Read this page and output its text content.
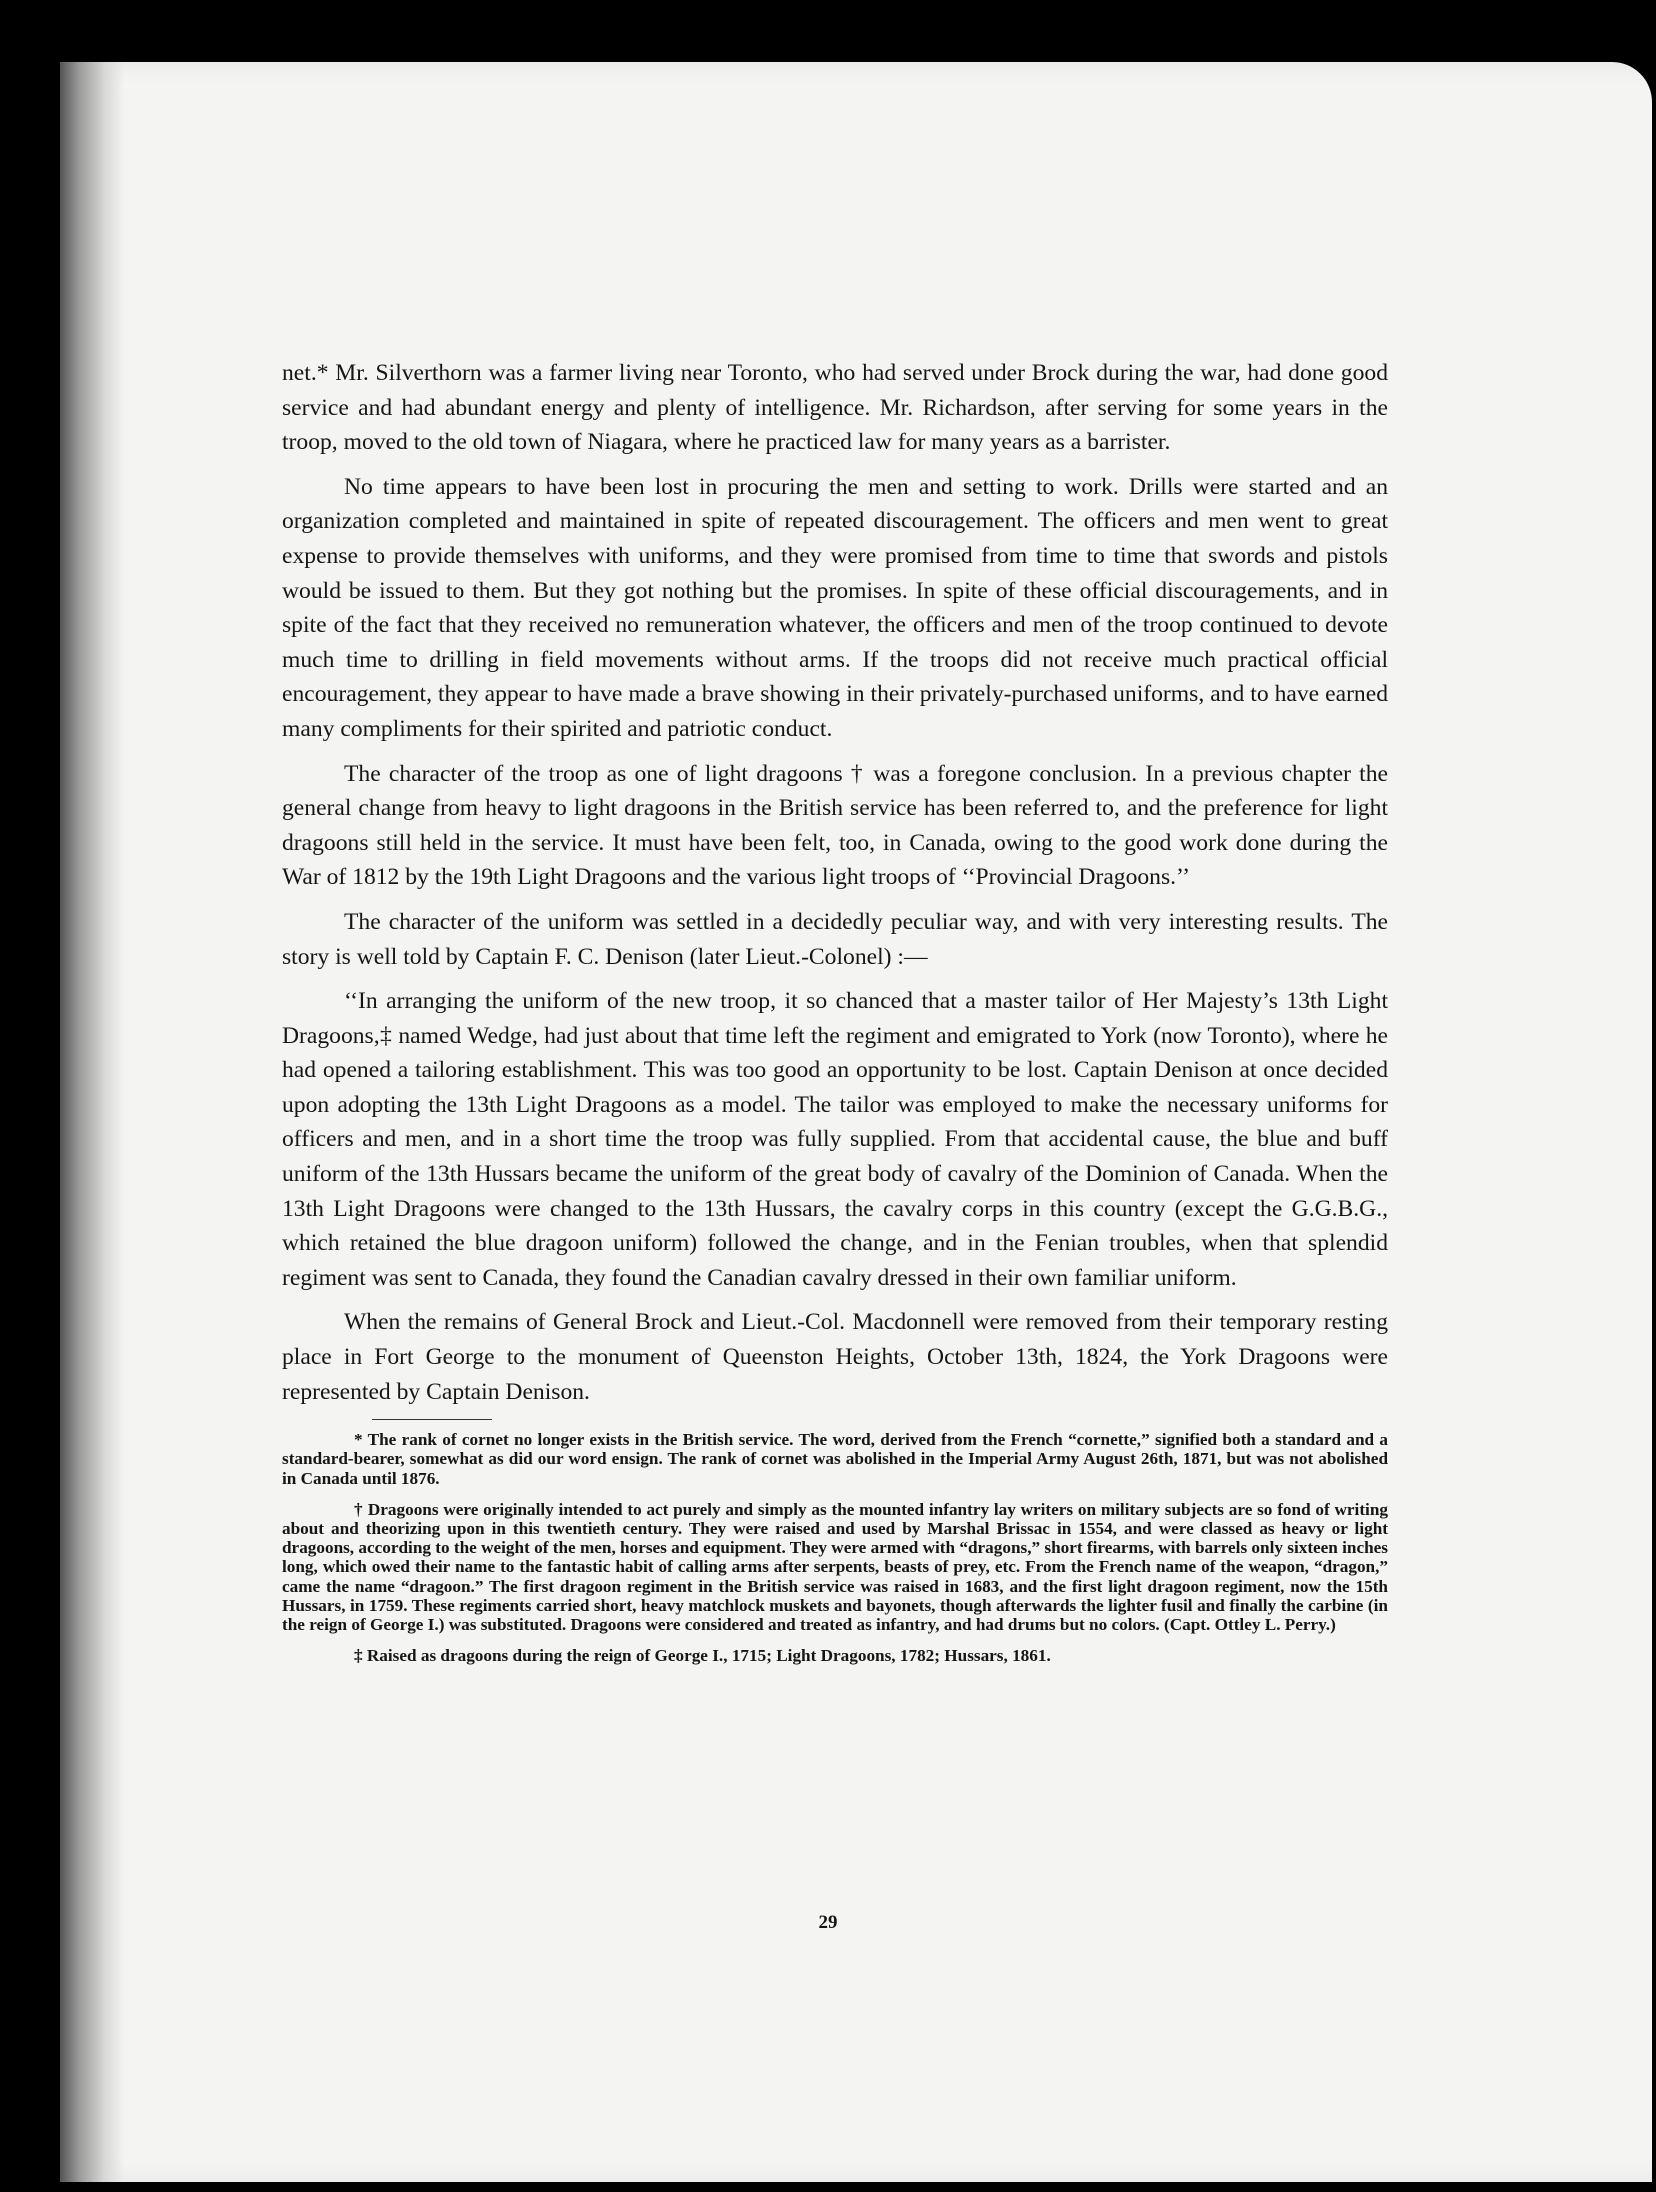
net.* Mr. Silverthorn was a farmer living near Toronto, who had served under Brock during the war, had done good service and had abundant energy and plenty of intelligence. Mr. Richardson, after serving for some years in the troop, moved to the old town of Niagara, where he practiced law for many years as a barrister.

No time appears to have been lost in procuring the men and setting to work. Drills were started and an organization completed and maintained in spite of repeated discouragement. The officers and men went to great expense to provide themselves with uniforms, and they were promised from time to time that swords and pistols would be issued to them. But they got nothing but the promises. In spite of these official discouragements, and in spite of the fact that they received no remuneration whatever, the officers and men of the troop continued to devote much time to drilling in field movements without arms. If the troops did not receive much practical official encouragement, they appear to have made a brave showing in their privately-purchased uniforms, and to have earned many compliments for their spirited and patriotic conduct.

The character of the troop as one of light dragoons † was a foregone conclusion. In a previous chapter the general change from heavy to light dragoons in the British service has been referred to, and the preference for light dragoons still held in the service. It must have been felt, too, in Canada, owing to the good work done during the War of 1812 by the 19th Light Dragoons and the various light troops of ‘‘Provincial Dragoons.’’

The character of the uniform was settled in a decidedly peculiar way, and with very interesting results. The story is well told by Captain F. C. Denison (later Lieut.-Colonel) :—

‘‘In arranging the uniform of the new troop, it so chanced that a master tailor of Her Majesty’s 13th Light Dragoons,‡ named Wedge, had just about that time left the regiment and emigrated to York (now Toronto), where he had opened a tailoring establishment. This was too good an opportunity to be lost. Captain Denison at once decided upon adopting the 13th Light Dragoons as a model. The tailor was employed to make the necessary uniforms for officers and men, and in a short time the troop was fully supplied. From that accidental cause, the blue and buff uniform of the 13th Hussars became the uniform of the great body of cavalry of the Dominion of Canada. When the 13th Light Dragoons were changed to the 13th Hussars, the cavalry corps in this country (except the G.G.B.G., which retained the blue dragoon uniform) followed the change, and in the Fenian troubles, when that splendid regiment was sent to Canada, they found the Canadian cavalry dressed in their own familiar uniform.

When the remains of General Brock and Lieut.-Col. Macdonnell were removed from their temporary resting place in Fort George to the monument of Queenston Heights, October 13th, 1824, the York Dragoons were represented by Captain Denison.

* The rank of cornet no longer exists in the British service. The word, derived from the French “cornette,” signified both a standard and a standard-bearer, somewhat as did our word ensign. The rank of cornet was abolished in the Imperial Army August 26th, 1871, but was not abolished in Canada until 1876.

† Dragoons were originally intended to act purely and simply as the mounted infantry lay writers on military subjects are so fond of writing about and theorizing upon in this twentieth century. They were raised and used by Marshal Brissac in 1554, and were classed as heavy or light dragoons, according to the weight of the men, horses and equipment. They were armed with “dragons,” short firearms, with barrels only sixteen inches long, which owed their name to the fantastic habit of calling arms after serpents, beasts of prey, etc. From the French name of the weapon, “dragon,” came the name “dragoon.” The first dragoon regiment in the British service was raised in 1683, and the first light dragoon regiment, now the 15th Hussars, in 1759. These regiments carried short, heavy matchlock muskets and bayonets, though afterwards the lighter fusil and finally the carbine (in the reign of George I.) was substituted. Dragoons were considered and treated as infantry, and had drums but no colors. (Capt. Ottley L. Perry.)

‡ Raised as dragoons during the reign of George I., 1715; Light Dragoons, 1782; Hussars, 1861.

29
